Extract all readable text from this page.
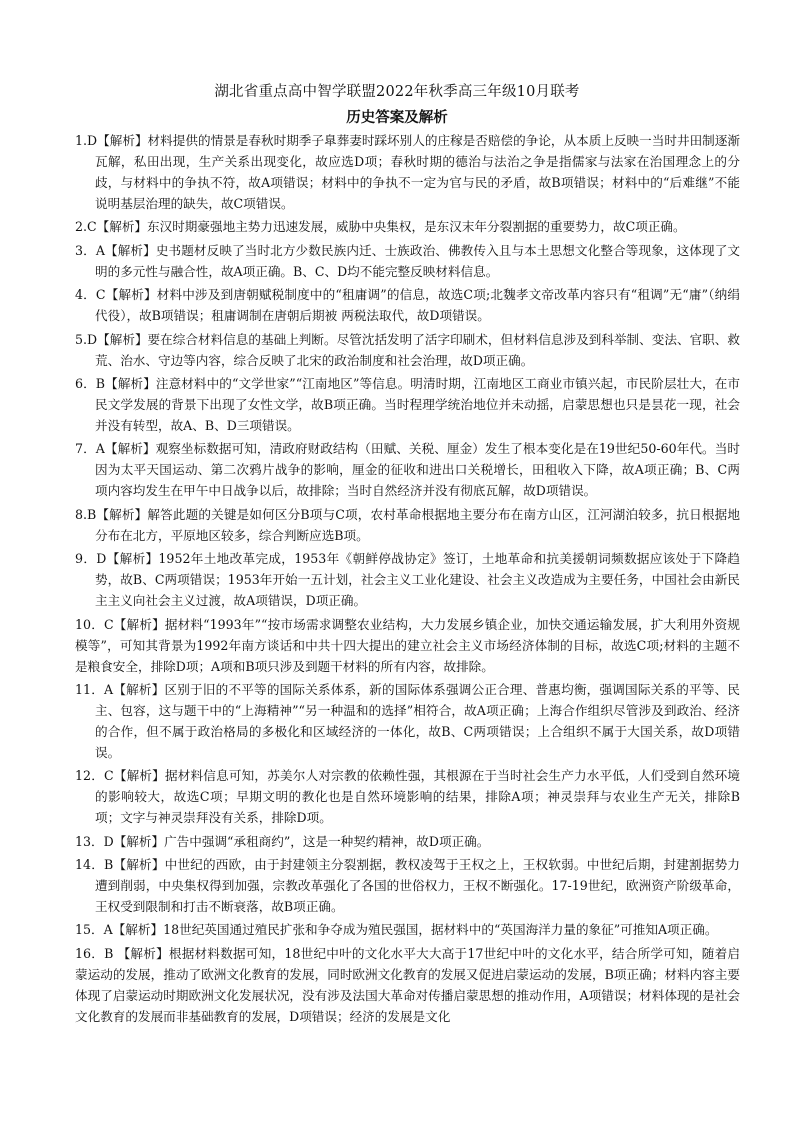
湖北省重点高中智学联盟2022年秋季高三年级10月联考
历史答案及解析

1.D【解析】材料提供的情景是春秋时期季子臯葬妻时踩坏别人的庄稼是否赔偿的争论，从本质上反映一当时井田制逐渐瓦解，私田出现，生产关系出现变化，故应选D项；春秋时期的德治与法治之争是指儒家与法家在治国理念上的分歧，与材料中的争执不符，故A项错误；材料中的争执不一定为官与民的矛盾，故B项错误；材料中的“后难继”不能说明基层治理的缺失，故C项错误。

2.C【解析】东汉时期豪强地主势力迅速发展，威胁中央集权，是东汉末年分裂割据的重要势力，故C项正确。

3．A【解析】史书题材反映了当时北方少数民族内迁、士族政治、佛教传入且与本土思想文化整合等现象，这体现了文明的多元性与融合性，故A项正确。B、C、D均不能完整反映材料信息。

4．C【解析】材料中涉及到唐朝赋税制度中的“租庸调”的信息，故选C项;北魏孝文帝改革内容只有“租调”无“庸”（纳绢代役），故B项错误；租庸调制在唐朝后期被 两税法取代，故D项错误。

5.D【解析】要在综合材料信息的基础上判断。尽管沈括发明了活字印刷术，但材料信息涉及到科举制、变法、官职、救荒、治水、守边等内容，综合反映了北宋的政治制度和社会治理，故D项正确。

6．B【解析】注意材料中的“文学世家”“江南地区”等信息。明清时期，江南地区工商业市镇兴起，市民阶层壮大，在市民文学发展的背景下出现了女性文学，故B项正确。当时程理学统治地位并未动摇，启蒙思想也只是昙花一现，社会并没有转型，故A、B、D三项错误。

7．A【解析】观察坐标数据可知，清政府财政结构（田赋、关税、厘金）发生了根本变化是在19世纪50-60年代。当时因为太平天国运动、第二次鸦片战争的影响，厘金的征收和进出口关税增长，田租收入下降，故A项正确；B、C两项内容均发生在甲午中日战争以后，故排除；当时自然经济并没有彻底瓦解，故D项错误。

8.B【解析】解答此题的关键是如何区分B项与C项，农村革命根据地主要分布在南方山区，江河湖泊较多，抗日根据地分布在北方，平原地区较多，综合判断应选B项。

9．D【解析】1952年土地改革完成，1953年《朝鲜停战协定》签订，土地革命和抗美援朝词频数据应该处于下降趋势，故B、C两项错误；1953年开始一五计划，社会主义工业化建设、社会主义改造成为主要任务，中国社会由新民主主义向社会主义过渡，故A项错误，D项正确。

10．C【解析】据材料“1993年”“按市场需求调整农业结构，大力发展乡镇企业，加快交通运输发展，扩大利用外资规模等”，可知其背景为1992年南方谈话和中共十四大提出的建立社会主义市场经济体制的目标，故选C项;材料的主题不是粮食安全，排除D项；A项和B项只涉及到题干材料的所有内容，故排除。

11．A【解析】区别于旧的不平等的国际关系体系，新的国际体系强调公正合理、普惠均衡，强调国际关系的平等、民主、包容，这与题干中的“上海精神”“另一种温和的选择”相符合，故A项正确；上海合作组织尽管涉及到政治、经济的合作，但不属于政治格局的多极化和区域经济的一体化，故B、C两项错误；上合组织不属于大国关系，故D项错误。

12．C【解析】据材料信息可知，苏美尔人对宗教的依赖性强，其根源在于当时社会生产力水平低，人们受到自然环境的影响较大，故选C项；早期文明的教化也是自然环境影响的结果，排除A项；神灵崇拜与农业生产无关，排除B项；文字与神灵崇拜没有关系，排除D项。

13．D【解析】广告中强调“承租商约”，这是一种契约精神，故D项正确。

14．B【解析】中世纪的西欧，由于封建领主分裂割据，教权凌驾于王权之上，王权软弱。中世纪后期，封建割据势力遭到削弱，中央集权得到加强，宗教改革强化了各国的世俗权力，王权不断强化。17-19世纪，欧洲资产阶级革命，王权受到限制和打击不断衰落，故B项正确。

15．A【解析】18世纪英国通过殖民扩张和争夺成为殖民强国，据材料中的“英国海洋力量的象征”可推知A项正确。

16．B 【解析】根据材料数据可知，18世纪中叶的文化水平大大高于17世纪中叶的文化水平，结合所学可知，随着启蒙运动的发展，推动了欧洲文化教育的发展，同时欧洲文化教育的发展又促进启蒙运动的发展，B项正确；材料内容主要体现了启蒙运动时期欧洲文化发展状况，没有涉及法国大革命对传播启蒙思想的推动作用，A项错误；材料体现的是社会文化教育的发展而非基础教育的发展，D项错误；经济的发展是文化
